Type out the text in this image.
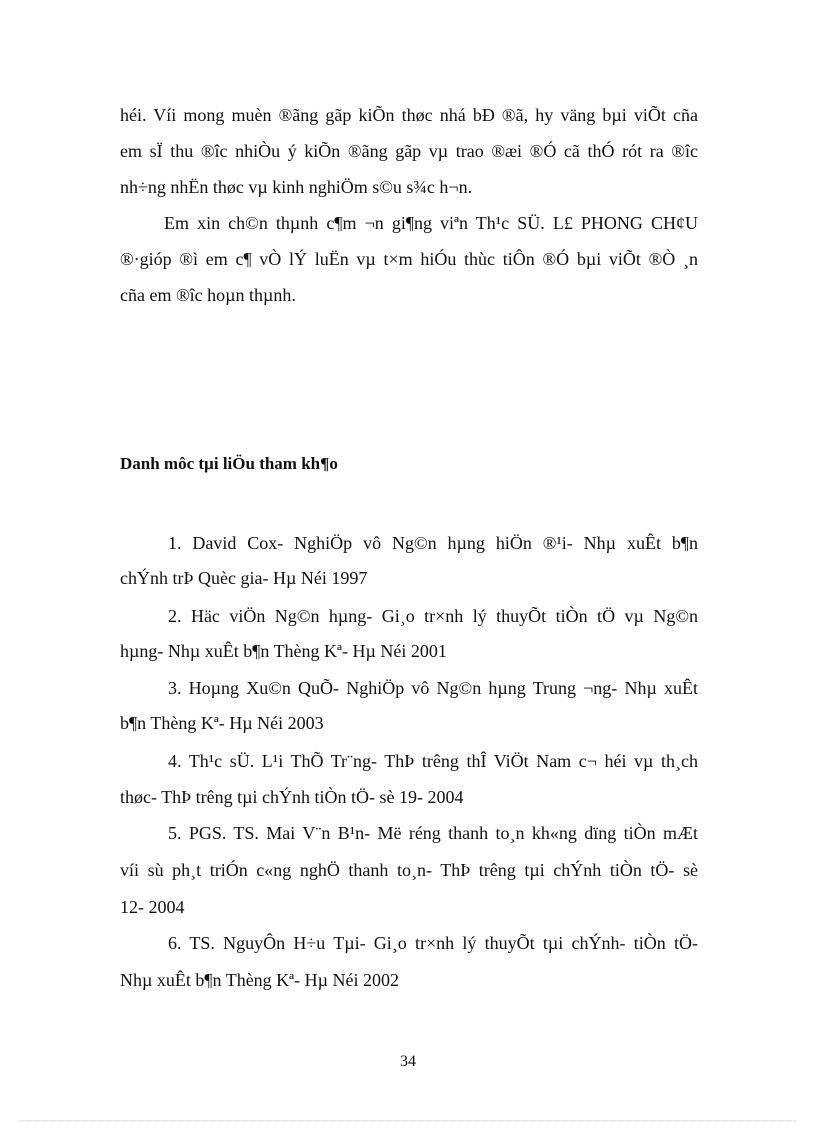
héi. Víi mong muèn ®ãng gãp kiÕn thøc nhá bÐ ®ã, hy väng bµi viÕt cña
em sÏ thu ®îc nhiÒu ý kiÕn ®ãng gãp vµ trao ®æi ®Ó cã thÓ rót ra ®îc
nh÷ng nhËn thøc vµ kinh nghiÖm s©u s¾c h¬n.
Em xin ch©n thµnh c¶m ¬n gi¶ng viªn Th¹c SÜ. L£ PHONG CH¢U
®·gióp ®ì em c¶ vÒ lÝ luËn vµ t×m hiÓu thùc tiÔn ®Ó bµi viÕt ®Ò ¸n
cña em ®îc hoµn thµnh.
Danh môc tµi liÖu tham kh¶o
1. David Cox- NghiÖp vô Ng©n hµng hiÖn ®¹i- Nhµ xuÊt b¶n
chÝnh trÞ Quèc gia- Hµ Néi 1997
2. Häc viÖn Ng©n hµng- Gi¸o tr×nh lý thuyÕt tiÒn tÖ vµ Ng©n
hµng- Nhµ xuÊt b¶n Thèng Kª- Hµ Néi 2001
3. Hoµng Xu©n QuÕ- NghiÖp vô Ng©n hµng Trung ¬ng- Nhµ xuÊt
b¶n Thèng Kª- Hµ Néi 2003
4. Th¹c sÜ. L¹i ThÕ Tr¨ng- ThÞ trêng thÎ ViÖt Nam c¬ héi vµ th¸ch
thøc- ThÞ trêng tµi chÝnh tiÒn tÖ- sè 19- 2004
5. PGS. TS. Mai V¨n B¹n- Më réng thanh to¸n kh«ng dïng tiÒn mÆt
víi sù ph¸t triÓn c«ng nghÖ thanh to¸n- ThÞ trêng tµi chÝnh tiÒn tÖ- sè
12- 2004
6. TS. NguyÔn H÷u Tµi- Gi¸o tr×nh lý thuyÕt tµi chÝnh- tiÒn tÖ-
Nhµ xuÊt b¶n Thèng Kª- Hµ Néi 2002
34
